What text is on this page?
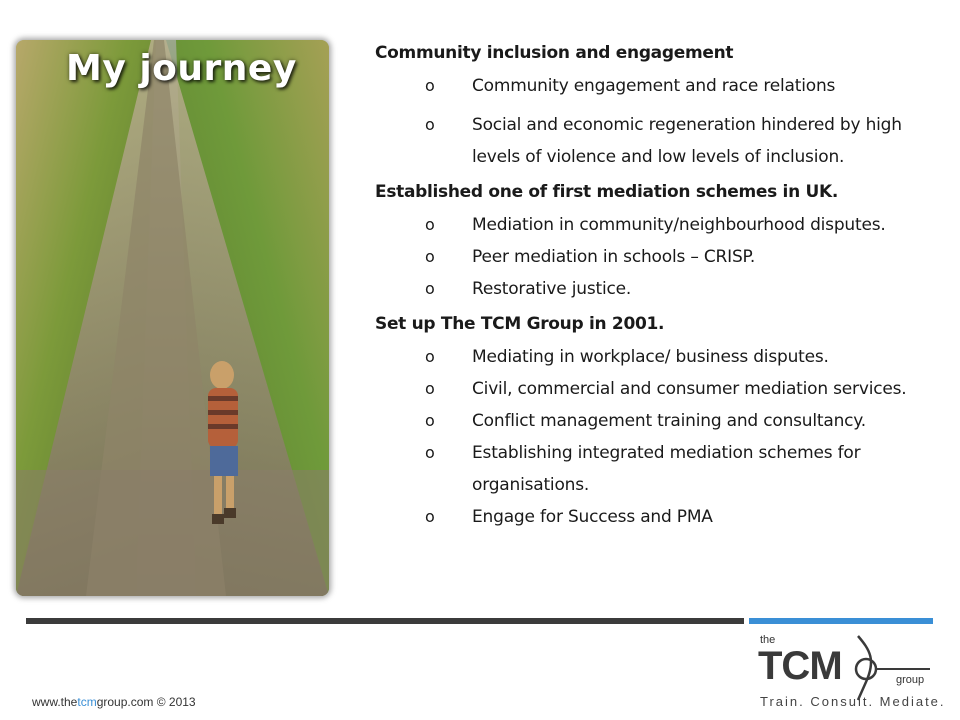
My journey	Community inclusion and engagement

o Community engagement and race relations
o Social and economic regeneration hindered by high levels of violence and low levels of inclusion.

Established one of first mediation schemes in UK.

o Mediation in community/neighbourhood disputes.
o Peer mediation in schools – CRISP.
o Restorative justice.

Set up The TCM Group in 2001.

o Mediating in workplace/ business disputes.
o Civil, commercial and consumer mediation services.
o Conflict management training and consultancy.
o Establishing integrated mediation schemes for organisations.
o Engage for Success and PMA
www.thetcmgroup.com © 2013
the
TCM	group
Train. Consult. Mediate.
